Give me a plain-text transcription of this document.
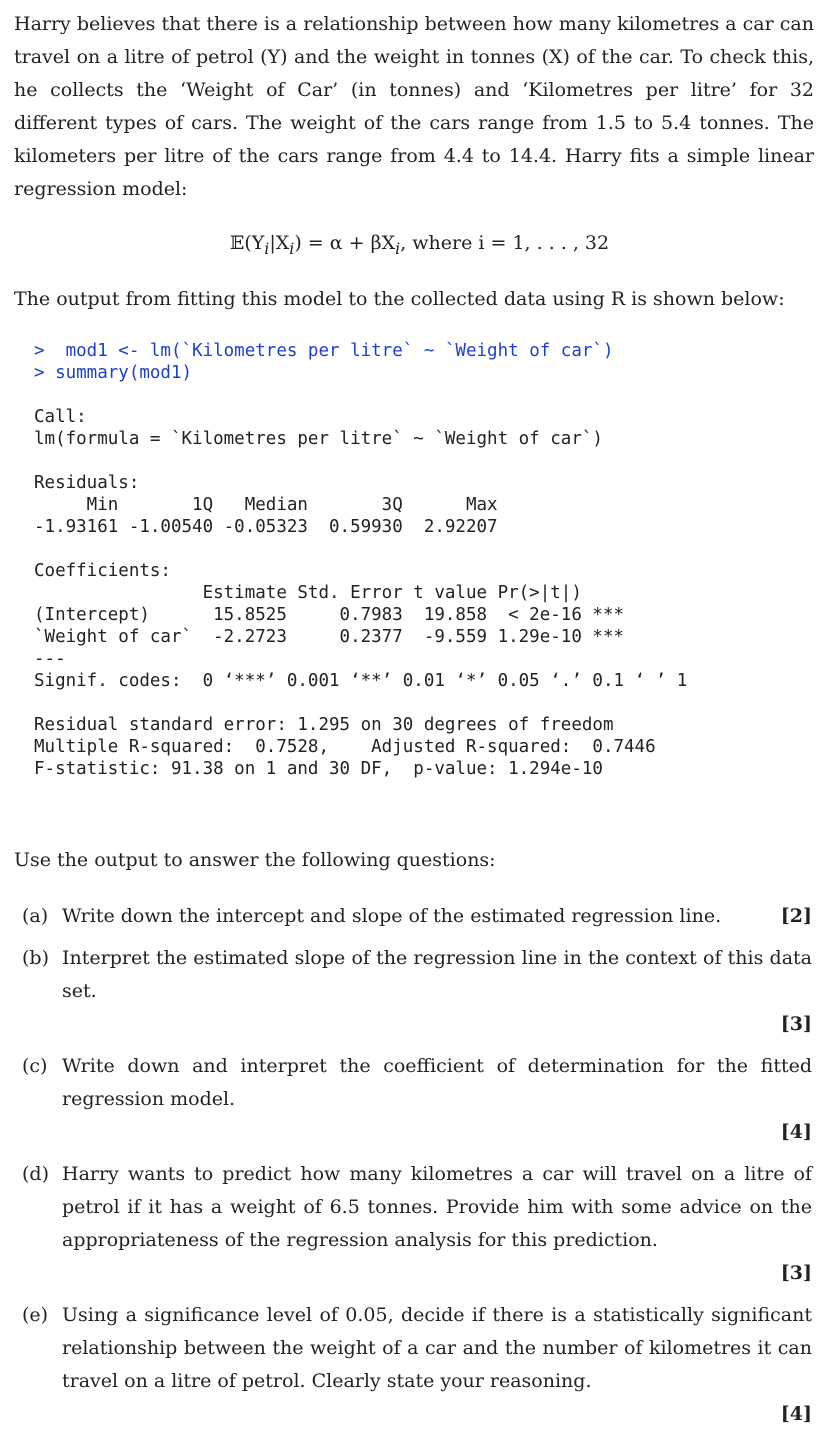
Harry believes that there is a relationship between how many kilometres a car can travel on a litre of petrol (Y) and the weight in tonnes (X) of the car. To check this, he collects the ‘Weight of Car’ (in tonnes) and ‘Kilometres per litre’ for 32 different types of cars. The weight of the cars range from 1.5 to 5.4 tonnes. The kilometers per litre of the cars range from 4.4 to 14.4. Harry fits a simple linear regression model:
$𝔼(Y_i|X_i) = \alpha + \beta X_i$, where i = 1, . . . , 32
The output from fitting this model to the collected data using R is shown below:
>  mod1 <- lm(`Kilometres per litre` ~ `Weight of car`)
> summary(mod1)
Call:
lm(formula = `Kilometres per litre` ~ `Weight of car`)
Residuals:
Min       1Q   Median       3Q      Max
-1.93161 -1.00540 -0.05323  0.59930  2.92207
Coefficients:
Estimate Std. Error t value Pr(>|t|)
(Intercept)      15.8525     0.7983  19.858  < 2e-16 ***
`Weight of car`  -2.2723     0.2377  -9.559 1.29e-10 ***
---
Signif. codes:  0 ‘***’ 0.001 ‘**’ 0.01 ‘*’ 0.05 ‘.’ 0.1 ‘ ’ 1
Residual standard error: 1.295 on 30 degrees of freedom
Multiple R-squared:  0.7528,    Adjusted R-squared:  0.7446
F-statistic: 91.38 on 1 and 30 DF,  p-value: 1.294e-10
Use the output to answer the following questions:
(a) Write down the intercept and slope of the estimated regression line.	[2]
(b) Interpret the estimated slope of the regression line in the context of this data set.
[3]
(c) Write down and interpret the coefficient of determination for the fitted regression model.
[4]
(d) Harry wants to predict how many kilometres a car will travel on a litre of petrol if it has a weight of 6.5 tonnes. Provide him with some advice on the appropriateness of the regression analysis for this prediction.
[3]
(e) Using a significance level of 0.05, decide if there is a statistically significant relationship between the weight of a car and the number of kilometres it can travel on a litre of petrol. Clearly state your reasoning.
[4]
